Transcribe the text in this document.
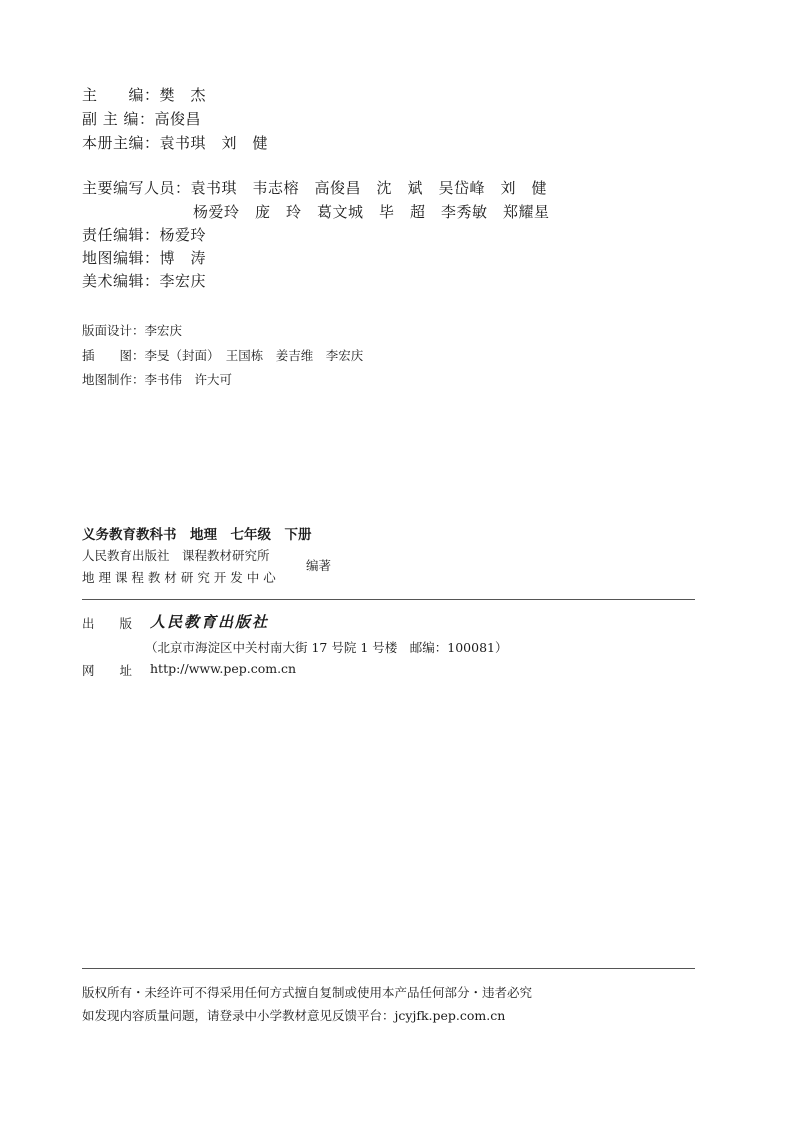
主　　编：樊　杰
副 主 编：高俊昌
本册主编：袁书琪　刘　健
主要编写人员：袁书琪　韦志榕　高俊昌　沈　斌　吴岱峰　刘　健
杨爱玲　庞　玲　葛文城　毕　超　李秀敏　郑耀星
责任编辑：杨爱玲
地图编辑：博　涛
美术编辑：李宏庆
版面设计：李宏庆
插　　图：李旻（封面）　王国栋　姜吉维　李宏庆
地图制作：李书伟　许大可
义务教育教科书　地理　七年级　下册
人民教育出版社　课程教材研究所
地 理 课 程 教 材 研 究 开 发 中 心
编著
出　　版 人民教育出版社
（北京市海淀区中关村南大街 17 号院 1 号楼　邮编：100081）
网　　址 http://www.pep.com.cn
版权所有・未经许可不得采用任何方式擅自复制或使用本产品任何部分・违者必究
如发现内容质量问题，请登录中小学教材意见反馈平台：jcyjfk.pep.com.cn
